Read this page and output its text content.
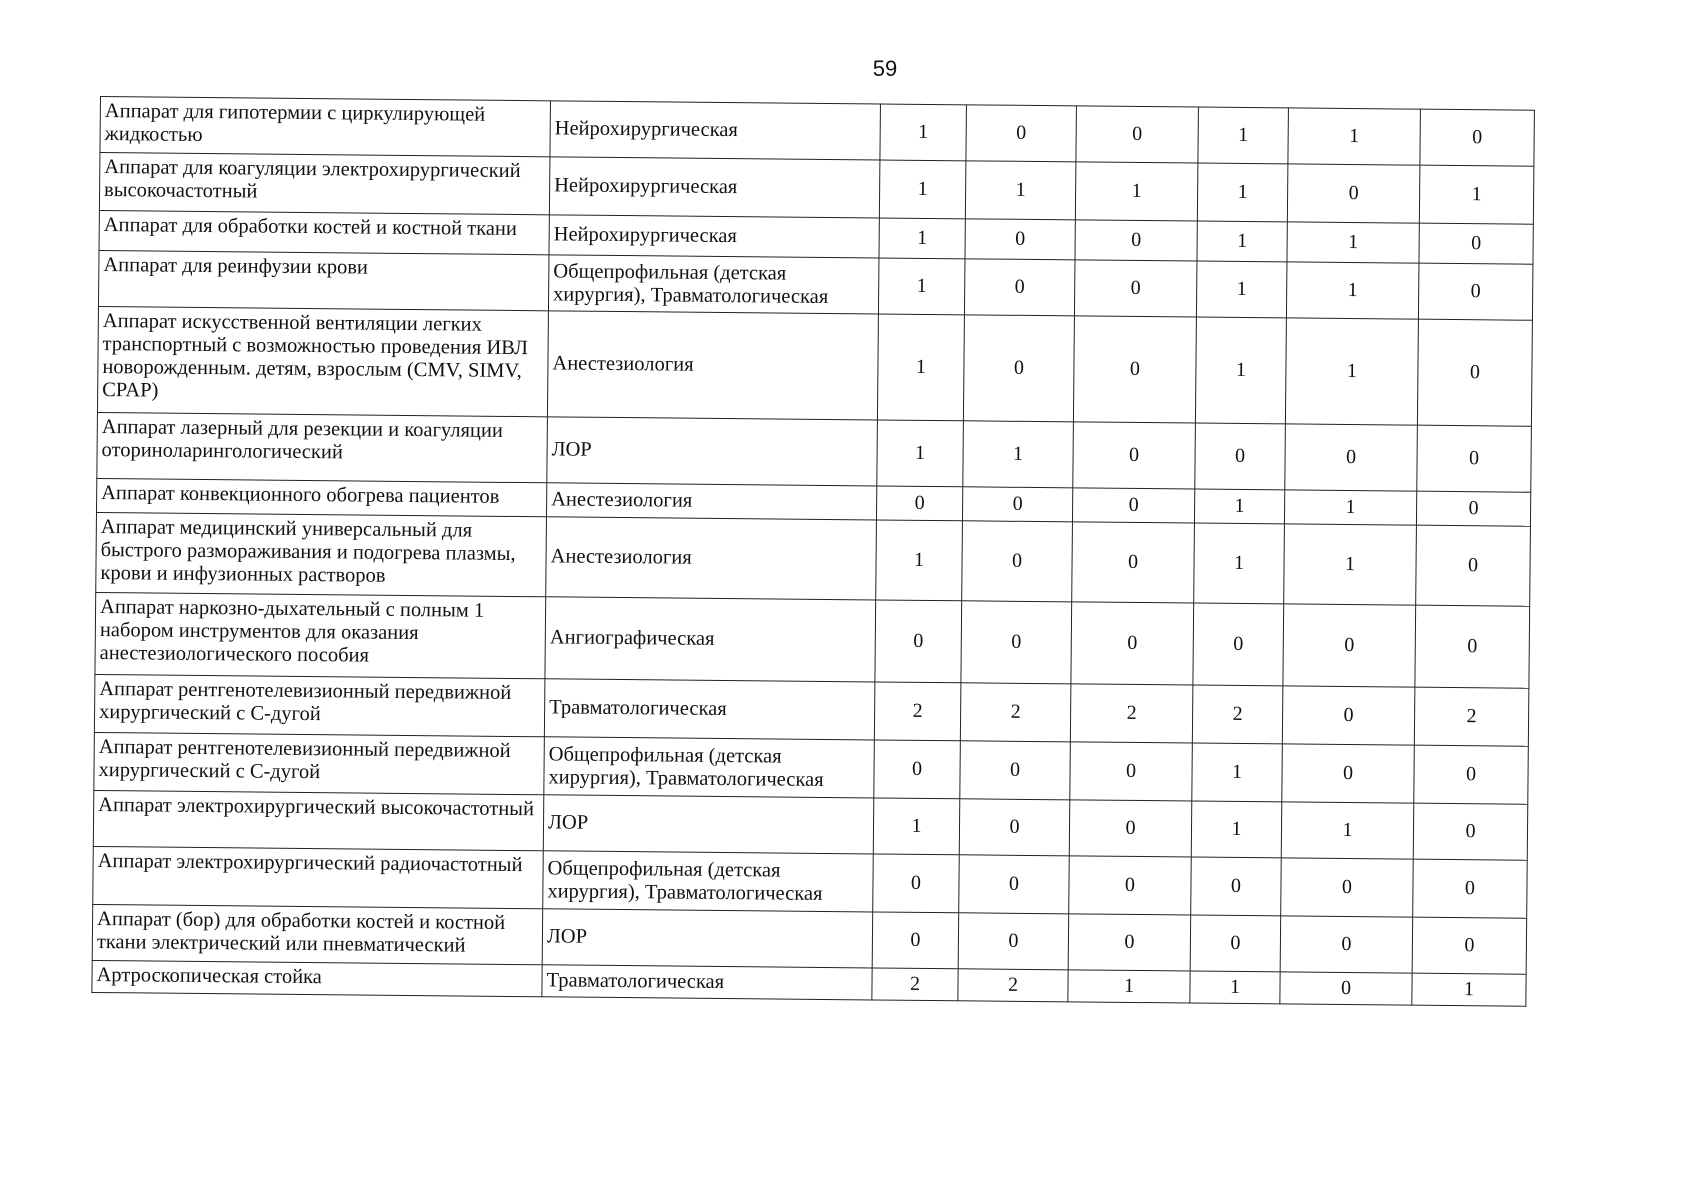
59
Аппарат для гипотермии с циркулирующей жидкостью	Нейрохирургическая	1	0	0	1	1	0
Аппарат для коагуляции электрохирургический высокочастотный	Нейрохирургическая	1	1	1	1	0	1
Аппарат для обработки костей и костной ткани	Нейрохирургическая	1	0	0	1	1	0
Аппарат для реинфузии крови	Общепрофильная (детская хирургия), Травматологическая	1	0	0	1	1	0
Аппарат искусственной вентиляции легких транспортный с возможностью проведения ИВЛ новорожденным. детям, взрослым (CMV, SIMV, CPAP)	Анестезиология	1	0	0	1	1	0
Аппарат лазерный для резекции и коагуляции оториноларингологический	ЛОР	1	1	0	0	0	0
Аппарат конвекционного обогрева пациентов	Анестезиология	0	0	0	1	1	0
Аппарат медицинский универсальный для быстрого размораживания и подогрева плазмы, крови и инфузионных растворов	Анестезиология	1	0	0	1	1	0
Аппарат наркозно-дыхательный с полным 1 набором инструментов для оказания анестезиологического пособия	Ангиографическая	0	0	0	0	0	0
Аппарат рентгенотелевизионный передвижной хирургический с С-дугой	Травматологическая	2	2	2	2	0	2
Аппарат рентгенотелевизионный передвижной хирургический с С-дугой	Общепрофильная (детская хирургия), Травматологическая	0	0	0	1	0	0
Аппарат электрохирургический высокочастотный	ЛОР	1	0	0	1	1	0
Аппарат электрохирургический радиочастотный	Общепрофильная (детская хирургия), Травматологическая	0	0	0	0	0	0
Аппарат (бор) для обработки костей и костной ткани электрический или пневматический	ЛОР	0	0	0	0	0	0
Артроскопическая стойка	Травматологическая	2	2	1	1	0	1
